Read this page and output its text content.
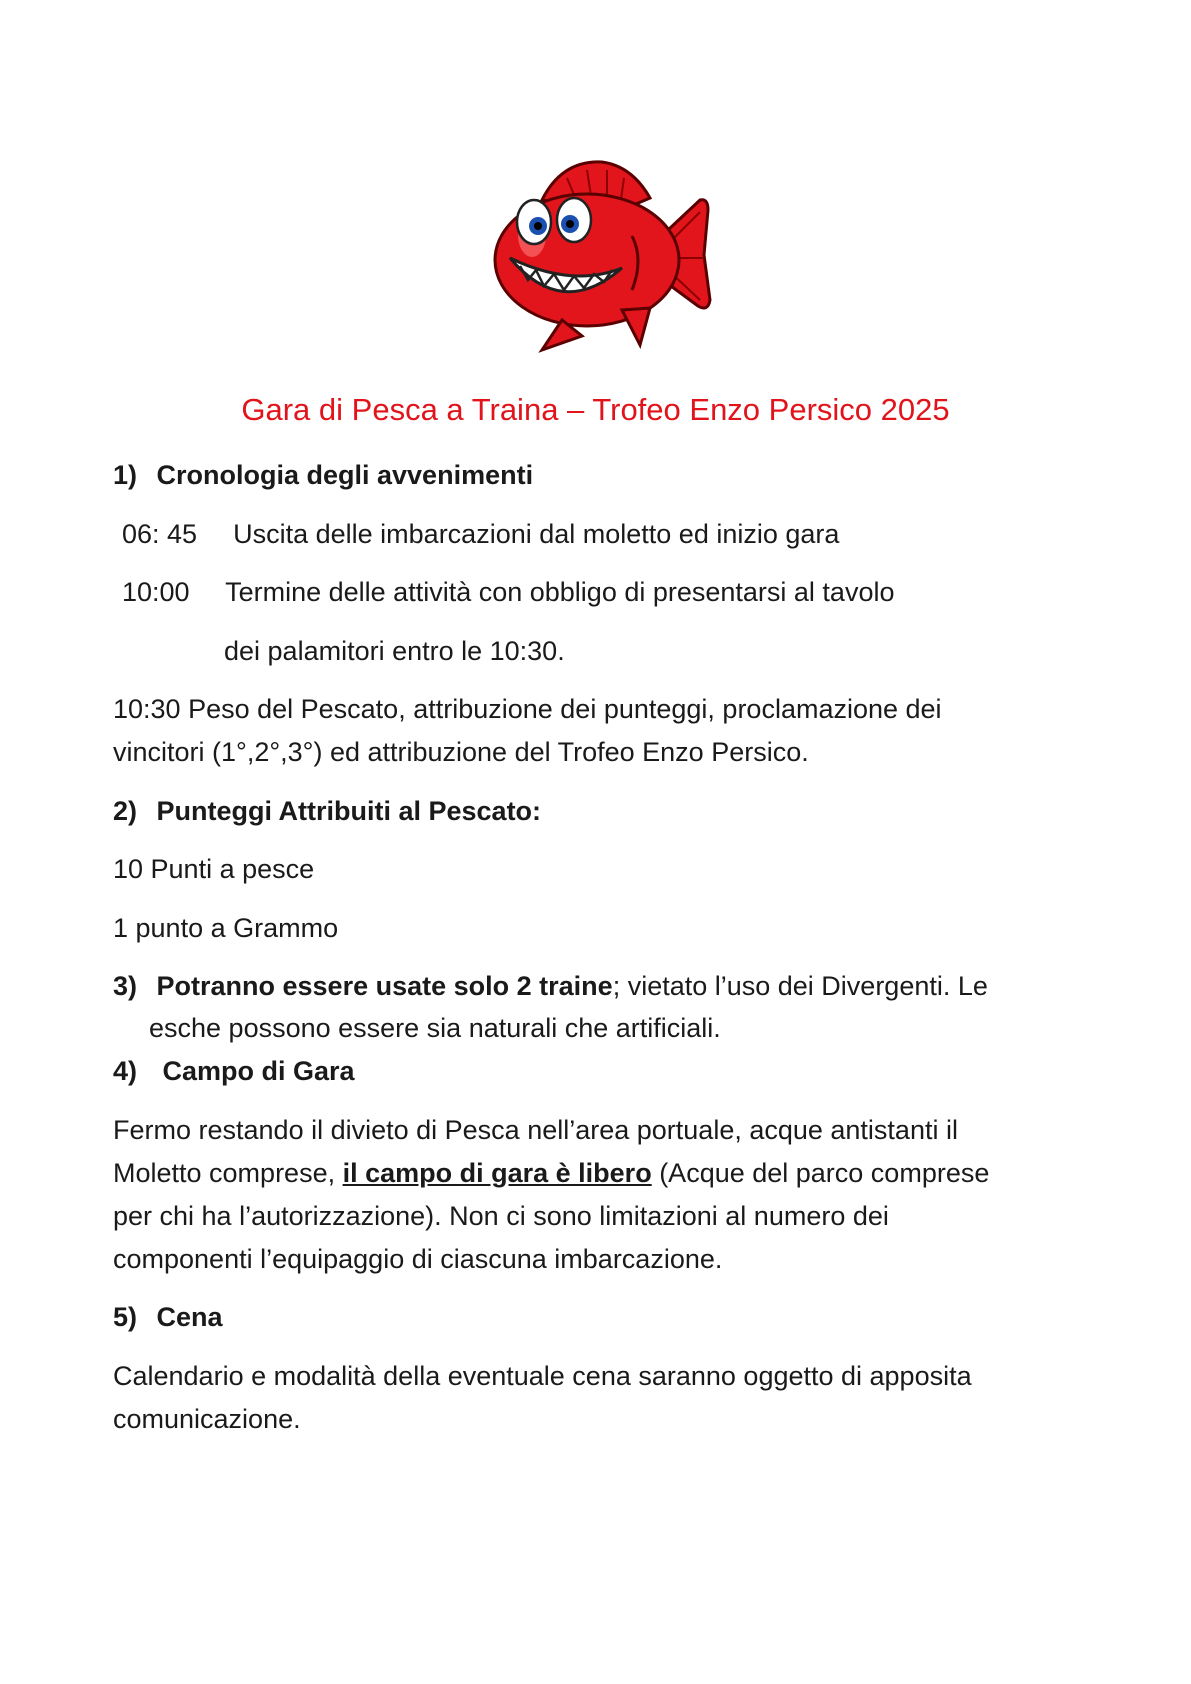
Gara di Pesca a Traina – Trofeo Enzo Persico 2025
1) Cronologia degli avvenimenti
06: 45 Uscita delle imbarcazioni dal moletto ed inizio gara
10:00 Termine delle attività con obbligo di presentarsi al tavolo
dei palamitori entro le 10:30.
10:30 Peso del Pescato, attribuzione dei punteggi, proclamazione dei
vincitori (1°,2°,3°) ed attribuzione del Trofeo Enzo Persico.
2) Punteggi Attribuiti al Pescato:
10 Punti a pesce
1 punto a Grammo
3) Potranno essere usate solo 2 traine; vietato l’uso dei Divergenti. Le
esche possono essere sia naturali che artificiali.
4) Campo di Gara
Fermo restando il divieto di Pesca nell’area portuale, acque antistanti il
Moletto comprese, il campo di gara è libero (Acque del parco comprese
per chi ha l’autorizzazione). Non ci sono limitazioni al numero dei
componenti l’equipaggio di ciascuna imbarcazione.
5) Cena
Calendario e modalità della eventuale cena saranno oggetto di apposita
comunicazione.
